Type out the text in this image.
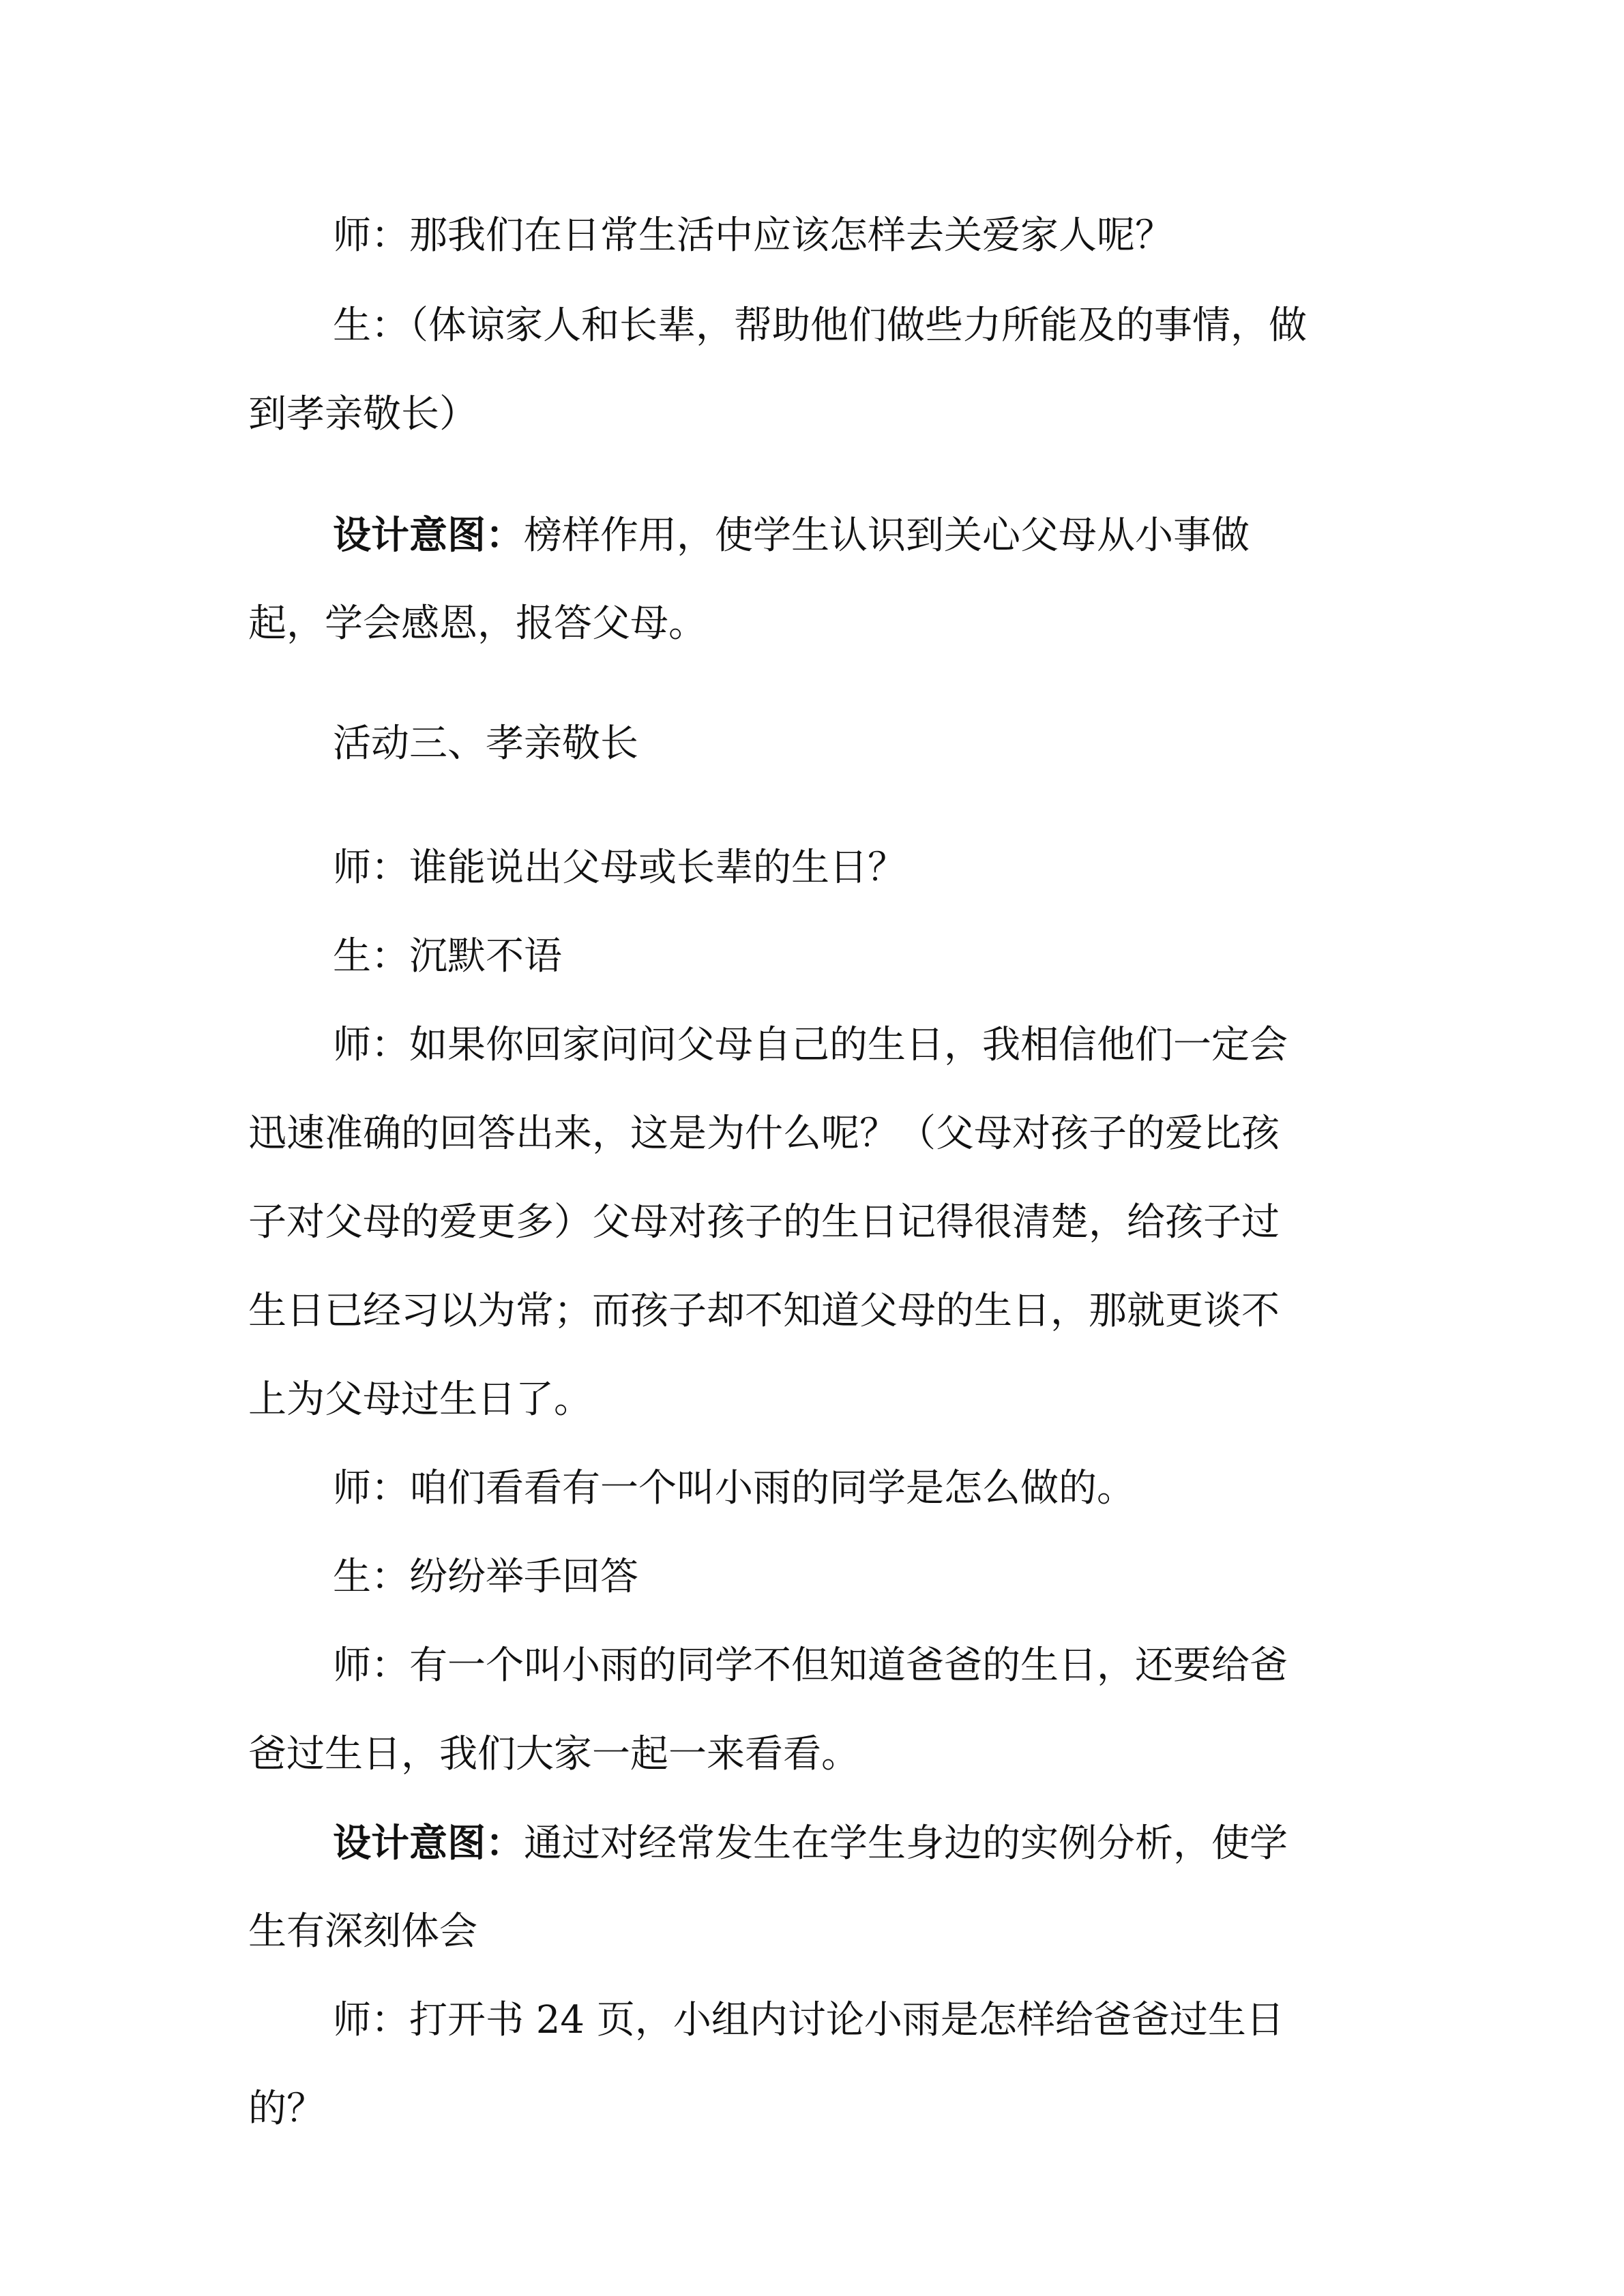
师：那我们在日常生活中应该怎样去关爱家人呢？
生：（体谅家人和长辈，帮助他们做些力所能及的事情，做
到孝亲敬长）
设计意图：榜样作用，使学生认识到关心父母从小事做
起，学会感恩，报答父母。
活动三、孝亲敬长
师：谁能说出父母或长辈的生日？
生：沉默不语
师：如果你回家问问父母自己的生日，我相信他们一定会
迅速准确的回答出来，这是为什么呢？（父母对孩子的爱比孩
子对父母的爱更多）父母对孩子的生日记得很清楚，给孩子过
生日已经习以为常；而孩子却不知道父母的生日，那就更谈不
上为父母过生日了。
师：咱们看看有一个叫小雨的同学是怎么做的。
生：纷纷举手回答
师：有一个叫小雨的同学不但知道爸爸的生日，还要给爸
爸过生日，我们大家一起一来看看。
设计意图：通过对经常发生在学生身边的实例分析，使学
生有深刻体会
师：打开书 24 页，小组内讨论小雨是怎样给爸爸过生日
的？
